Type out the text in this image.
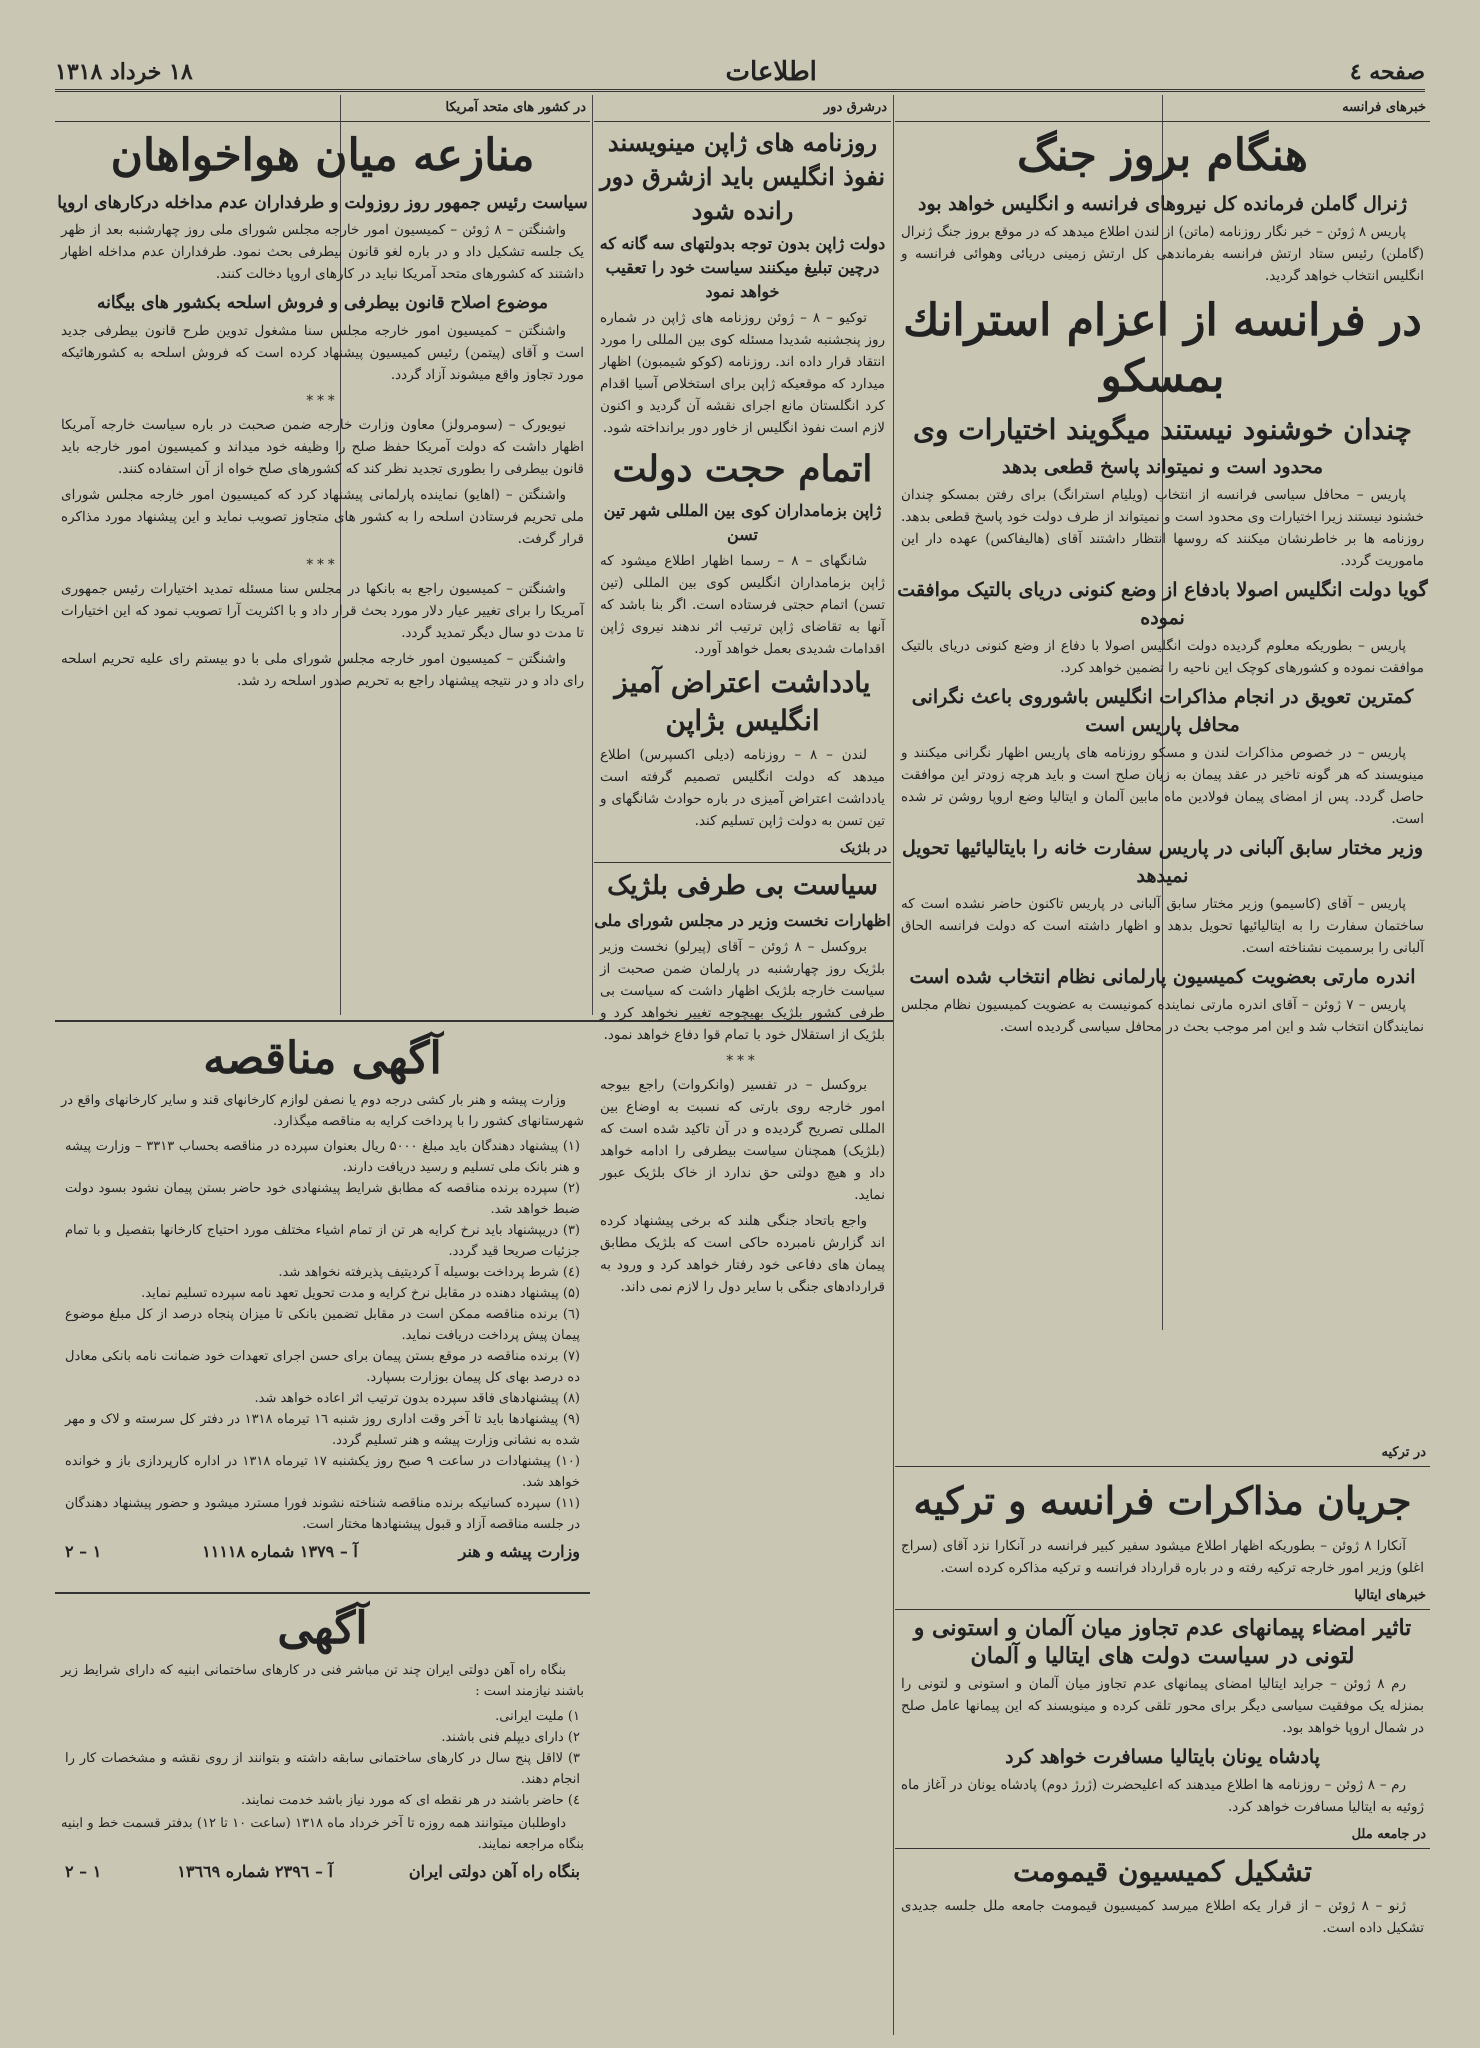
صفحه ٤
اطلاعات
۱۸ خرداد ۱۳۱۸
خبرهای فرانسه
هنگام بروز جنگ
ژنرال گاملن فرمانده کل نیروهای فرانسه و انگلیس خواهد بود
پاریس ۸ ژوئن – خبر نگار روزنامه (ماتن) از لندن اطلاع میدهد که در موقع بروز جنگ ژنرال (گاملن) رئیس ستاد ارتش فرانسه بفرماندهی کل ارتش زمینی دریائی وهوائی فرانسه و انگلیس انتخاب خواهد گردید.
در فرانسه از اعزام استرانك بمسكو
چندان خوشنود نیستند میگویند اختیارات وی
محدود است و نمیتواند پاسخ قطعی بدهد
پاریس – محافل سیاسی فرانسه از انتخاب (ویلیام استرانگ) برای رفتن بمسکو چندان خشنود نیستند زیرا اختیارات وی محدود است و نمیتواند از طرف دولت خود پاسخ قطعی بدهد. روزنامه ها بر خاطرنشان میکنند که روسها انتظار داشتند آقای (هالیفاکس) عهده دار این ماموریت گردد.
گویا دولت انگلیس اصولا بادفاع از وضع کنونی دریای بالتیک موافقت نموده
پاریس – بطوریکه معلوم گردیده دولت انگلیس اصولا با دفاع از وضع کنونی دریای بالتیک موافقت نموده و کشورهای کوچک این ناحیه را تضمین خواهد کرد.
کمترین تعویق در انجام مذاکرات انگلیس باشوروی باعث نگرانی محافل پاریس است
پاریس – در خصوص مذاکرات لندن و مسکو روزنامه های پاریس اظهار نگرانی میکنند و مینویسند که هر گونه تاخیر در عقد پیمان به زیان صلح است و باید هرچه زودتر این موافقت حاصل گردد. پس از امضای پیمان فولادین ماه مابین آلمان و ایتالیا وضع اروپا روشن تر شده است.
وزیر مختار سابق آلبانی در پاریس سفارت خانه را بایتالیائیها تحویل نمیدهد
پاریس – آقای (کاسیمو) وزیر مختار سابق آلبانی در پاریس تاکنون حاضر نشده است که ساختمان سفارت را به ایتالیائیها تحویل بدهد و اظهار داشته است که دولت فرانسه الحاق آلبانی را برسمیت نشناخته است.
اندره مارتی بعضویت کمیسیون پارلمانی نظام انتخاب شده است
پاریس – ۷ ژوئن – آقای اندره مارتی نماینده کمونیست به عضویت کمیسیون نظام مجلس نمایندگان انتخاب شد و این امر موجب بحث در محافل سیاسی گردیده است.
در ترکیه
جریان مذاکرات فرانسه و ترکیه
آنکارا ۸ ژوئن – بطوریکه اظهار اطلاع میشود سفیر کبیر فرانسه در آنکارا نزد آقای (سراج اغلو) وزیر امور خارجه ترکیه رفته و در باره قرارداد فرانسه و ترکیه مذاکره کرده است.
خبرهای ایتالیا
تاثیر امضاء پیمانهای عدم تجاوز میان آلمان و استونی و لتونی در سیاست دولت های ایتالیا و آلمان
رم ۸ ژوئن – جراید ایتالیا امضای پیمانهای عدم تجاوز میان آلمان و استونی و لتونی را بمنزله یک موفقیت سیاسی دیگر برای محور تلقی کرده و مینویسند که این پیمانها عامل صلح در شمال اروپا خواهد بود.
پادشاه یونان بایتالیا مسافرت خواهد کرد
رم – ۸ ژوئن – روزنامه ها اطلاع میدهند که اعلیحضرت (ژرژ دوم) پادشاه یونان در آغاز ماه ژوئیه به ایتالیا مسافرت خواهد کرد.
در جامعه ملل
تشکیل کمیسیون قیمومت
ژنو – ۸ ژوئن – از قرار یکه اطلاع میرسد کمیسیون قیمومت جامعه ملل جلسه جدیدی تشکیل داده است.
درشرق دور
روزنامه های ژاپن مینویسند نفوذ انگلیس باید ازشرق دور رانده شود
دولت ژاپن بدون توجه بدولتهای سه گانه که درچین تبلیغ میکنند سیاست خود را تعقیب خواهد نمود
توکیو – ۸ – ژوئن روزنامه های ژاپن در شماره روز پنجشنبه شدیدا مسئله کوی بین المللی را مورد انتقاد قرار داده اند. روزنامه (کوکو شیمبون) اظهار میدارد که موقعیکه ژاپن برای استخلاص آسیا اقدام کرد انگلستان مانع اجرای نقشه آن گردید و اکنون لازم است نفوذ انگلیس از خاور دور برانداخته شود.
اتمام حجت دولت
ژاپن بزمامداران کوی بین المللی شهر تین تسن
شانگهای – ۸ – رسما اظهار اطلاع میشود که ژاپن بزمامداران انگلیس کوی بین المللی (تین تسن) اتمام حجتی فرستاده است. اگر بنا باشد که آنها به تقاضای ژاپن ترتیب اثر ندهند نیروی ژاپن اقدامات شدیدی بعمل خواهد آورد.
یادداشت اعتراض آمیز انگلیس بژاپن
لندن – ۸ – روزنامه (دیلی اکسپرس) اطلاع میدهد که دولت انگلیس تصمیم گرفته است یادداشت اعتراض آمیزی در باره حوادث شانگهای و تین تسن به دولت ژاپن تسلیم کند.
در بلژیک
سیاست بی طرفی بلژیک
اظهارات نخست وزیر در مجلس شورای ملی
بروکسل – ۸ ژوئن – آقای (پیرلو) نخست وزیر بلژیک روز چهارشنبه در پارلمان ضمن صحبت از سیاست خارجه بلژیک اظهار داشت که سیاست بی طرفی کشور بلژیک بهیچوجه تغییر نخواهد کرد و بلژیک از استقلال خود با تمام قوا دفاع خواهد نمود.
***
بروکسل – در تفسیر (وانکروات) راجع بیوجه امور خارجه روی بارتی که نسبت به اوضاع بین المللی تصریح گردیده و در آن تاکید شده است که (بلژیک) همچنان سیاست بیطرفی را ادامه خواهد داد و هیچ دولتی حق ندارد از خاک بلژیک عبور نماید.
واجع باتحاد جنگی هلند که برخی پیشنهاد کرده اند گزارش نامبرده حاکی است که بلژیک مطابق پیمان های دفاعی خود رفتار خواهد کرد و ورود به قراردادهای جنگی با سایر دول را لازم نمی داند.
در کشور های متحد آمریکا
منازعه میان هواخواهان
سیاست رئیس جمهور روز روزولت و طرفداران عدم مداخله درکارهای اروپا
واشنگتن – ۸ ژوئن – کمیسیون امور خارجه مجلس شورای ملی روز چهارشنبه بعد از ظهر یک جلسه تشکیل داد و در باره لغو قانون بیطرفی بحث نمود. طرفداران عدم مداخله اظهار داشتند که کشورهای متحد آمریکا نباید در کارهای اروپا دخالت کنند.
موضوع اصلاح قانون بیطرفی و فروش اسلحه بکشور های بیگانه
واشنگتن – کمیسیون امور خارجه مجلس سنا مشغول تدوین طرح قانون بیطرفی جدید است و آقای (پیتمن) رئیس کمیسیون پیشنهاد کرده است که فروش اسلحه به کشورهائیکه مورد تجاوز واقع میشوند آزاد گردد.
***
نیویورک – (سومرولز) معاون وزارت خارجه ضمن صحبت در باره سیاست خارجه آمریکا اظهار داشت که دولت آمریکا حفظ صلح را وظیفه خود میداند و کمیسیون امور خارجه باید قانون بیطرفی را بطوری تجدید نظر کند که کشورهای صلح خواه از آن استفاده کنند.
واشنگتن – (اهایو) نماینده پارلمانی پیشنهاد کرد که کمیسیون امور خارجه مجلس شورای ملی تحریم فرستادن اسلحه را به کشور های متجاوز تصویب نماید و این پیشنهاد مورد مذاکره قرار گرفت.
***
واشنگتن – کمیسیون راجع به بانکها در مجلس سنا مسئله تمدید اختیارات رئیس جمهوری آمریکا را برای تغییر عیار دلار مورد بحث قرار داد و با اکثریت آرا تصویب نمود که این اختیارات تا مدت دو سال دیگر تمدید گردد.
واشنگتن – کمیسیون امور خارجه مجلس شورای ملی با دو بیستم رای علیه تحریم اسلحه رای داد و در نتیجه پیشنهاد راجع به تحریم صدور اسلحه رد شد.
آگهی مناقصه
وزارت پیشه و هنر بار کشی درجه دوم یا نصفن لوازم کارخانهای قند و سایر کارخانهای واقع در شهرستانهای کشور را با پرداخت کرایه به مناقصه میگذارد.
(۱) پیشنهاد دهندگان باید مبلغ ۵۰۰۰ ریال بعنوان سپرده در مناقصه بحساب ۳۳۱۳ – وزارت پیشه و هنر بانک ملی تسلیم و رسید دریافت دارند.
(۲) سپرده برنده مناقصه که مطابق شرایط پیشنهادی خود حاضر بستن پیمان نشود بسود دولت ضبط خواهد شد.
(۳) دریپشنهاد باید نرخ کرایه هر تن از تمام اشیاء مختلف مورد احتیاج کارخانها بتفصیل و با تمام جزئیات صریحا قید گردد.
(٤) شرط پرداخت بوسیله آ کردیتیف پذیرفته نخواهد شد.
(۵) پیشنهاد دهنده در مقابل نرخ کرایه و مدت تحویل تعهد نامه سپرده تسلیم نماید.
(٦) برنده مناقصه ممکن است در مقابل تضمین بانکی تا میزان پنجاه درصد از کل مبلغ موضوع پیمان پیش پرداخت دریافت نماید.
(۷) برنده مناقصه در موقع بستن پیمان برای حسن اجرای تعهدات خود ضمانت نامه بانکی معادل ده درصد بهای کل پیمان بوزارت بسپارد.
(۸) پیشنهادهای فاقد سپرده بدون ترتیب اثر اعاده خواهد شد.
(۹) پیشنهادها باید تا آخر وقت اداری روز شنبه ۱٦ تیرماه ۱۳۱۸ در دفتر کل سرسته و لاک و مهر شده به نشانی وزارت پیشه و هنر تسلیم گردد.
(۱۰) پیشنهادات در ساعت ۹ صبح روز یکشنبه ۱۷ تیرماه ۱۳۱۸ در اداره کارپردازی باز و خوانده خواهد شد.
(۱۱) سپرده کسانیکه برنده مناقصه شناخته نشوند فورا مسترد میشود و حضور پیشنهاد دهندگان در جلسه مناقصه آزاد و قبول پیشنهادها مختار است.
وزارت پیشه و هنر
آ – ۱۳۷۹ شماره ۱۱۱۱۸
۱ – ۲
آگهی
بنگاه راه آهن دولتی ایران چند تن مباشر فنی در کارهای ساختمانی ابنیه که دارای شرایط زیر باشند نیازمند است :
۱) ملیت ایرانی.
۲) دارای دیپلم فنی باشند.
۳) لااقل پنج سال در کارهای ساختمانی سابقه داشته و بتوانند از روی نقشه و مشخصات کار را انجام دهند.
٤) حاضر باشند در هر نقطه ای که مورد نیاز باشد خدمت نمایند.
داوطلبان میتوانند همه روزه تا آخر خرداد ماه ۱۳۱۸ (ساعت ۱۰ تا ۱۲) بدفتر قسمت خط و ابنیه بنگاه مراجعه نمایند.
بنگاه راه آهن دولتی ایران
آ – ۲۳۹٦ شماره ۱۳٦٦۹
۱ – ۲
